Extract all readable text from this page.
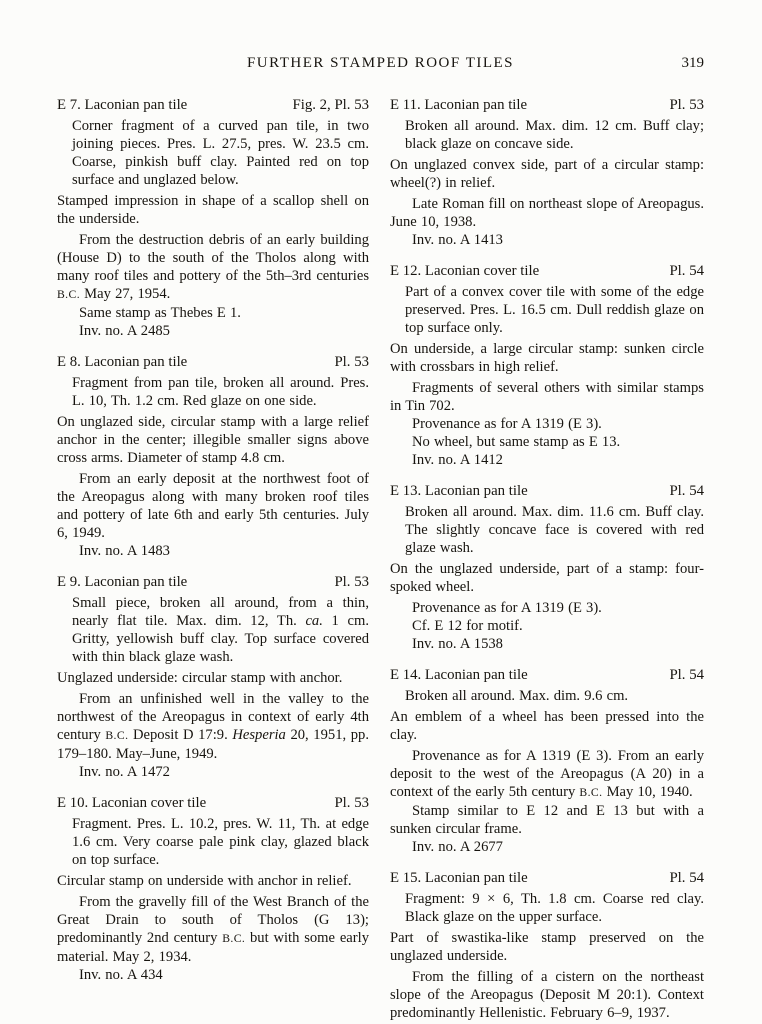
FURTHER STAMPED ROOF TILES	319
E 7. Laconian pan tile	Fig. 2, Pl. 53

Corner fragment of a curved pan tile, in two joining pieces. Pres. L. 27.5, pres. W. 23.5 cm. Coarse, pinkish buff clay. Painted red on top surface and unglazed below.

Stamped impression in shape of a scallop shell on the underside.

From the destruction debris of an early building (House D) to the south of the Tholos along with many roof tiles and pottery of the 5th–3rd centuries B.C. May 27, 1954.

Same stamp as Thebes E 1.

Inv. no. A 2485

E 8. Laconian pan tile	Pl. 53

Fragment from pan tile, broken all around. Pres. L. 10, Th. 1.2 cm. Red glaze on one side.

On unglazed side, circular stamp with a large relief anchor in the center; illegible smaller signs above cross arms. Diameter of stamp 4.8 cm.

From an early deposit at the northwest foot of the Areopagus along with many broken roof tiles and pottery of late 6th and early 5th centuries. July 6, 1949.

Inv. no. A 1483

E 9. Laconian pan tile	Pl. 53

Small piece, broken all around, from a thin, nearly flat tile. Max. dim. 12, Th. ca. 1 cm. Gritty, yellowish buff clay. Top surface covered with thin black glaze wash.

Unglazed underside: circular stamp with anchor.

From an unfinished well in the valley to the northwest of the Areopagus in context of early 4th century B.C. Deposit D 17:9. Hesperia 20, 1951, pp. 179–180. May–June, 1949.

Inv. no. A 1472

E 10. Laconian cover tile	Pl. 53

Fragment. Pres. L. 10.2, pres. W. 11, Th. at edge 1.6 cm. Very coarse pale pink clay, glazed black on top surface.

Circular stamp on underside with anchor in relief.

From the gravelly fill of the West Branch of the Great Drain to south of Tholos (G 13); predominantly 2nd century B.C. but with some early material. May 2, 1934.

Inv. no. A 434

E 11. Laconian pan tile	Pl. 53

Broken all around. Max. dim. 12 cm. Buff clay; black glaze on concave side.

On unglazed convex side, part of a circular stamp: wheel(?) in relief.

Late Roman fill on northeast slope of Areopagus. June 10, 1938.

Inv. no. A 1413

E 12. Laconian cover tile	Pl. 54

Part of a convex cover tile with some of the edge preserved. Pres. L. 16.5 cm. Dull reddish glaze on top surface only.

On underside, a large circular stamp: sunken circle with crossbars in high relief.

Fragments of several others with similar stamps in Tin 702.

Provenance as for A 1319 (E 3).

No wheel, but same stamp as E 13.

Inv. no. A 1412

E 13. Laconian pan tile	Pl. 54

Broken all around. Max. dim. 11.6 cm. Buff clay. The slightly concave face is covered with red glaze wash.

On the unglazed underside, part of a stamp: four-spoked wheel.

Provenance as for A 1319 (E 3).

Cf. E 12 for motif.

Inv. no. A 1538

E 14. Laconian pan tile	Pl. 54

Broken all around. Max. dim. 9.6 cm.

An emblem of a wheel has been pressed into the clay.

Provenance as for A 1319 (E 3). From an early deposit to the west of the Areopagus (A 20) in a context of the early 5th century B.C. May 10, 1940.

Stamp similar to E 12 and E 13 but with a sunken circular frame.

Inv. no. A 2677

E 15. Laconian pan tile	Pl. 54

Fragment: 9 × 6, Th. 1.8 cm. Coarse red clay. Black glaze on the upper surface.

Part of swastika-like stamp preserved on the unglazed underside.

From the filling of a cistern on the northeast slope of the Areopagus (Deposit M 20:1). Context predominantly Hellenistic. February 6–9, 1937.
